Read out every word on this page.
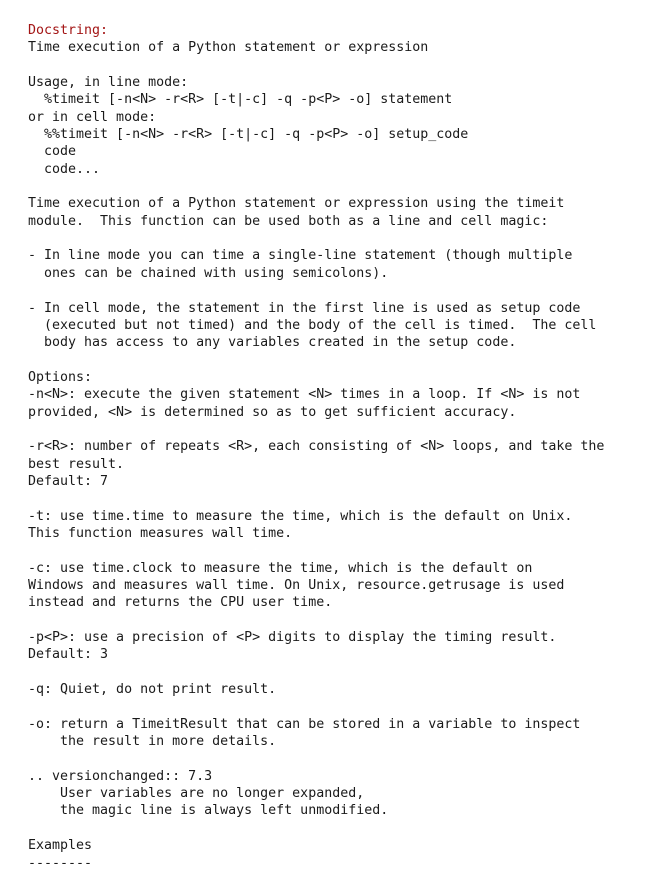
Docstring:
Time execution of a Python statement or expression
Usage, in line mode:
%timeit [-n<N> -r<R> [-t|-c] -q -p<P> -o] statement
or in cell mode:
%%timeit [-n<N> -r<R> [-t|-c] -q -p<P> -o] setup_code
code
code...
Time execution of a Python statement or expression using the timeit
module.  This function can be used both as a line and cell magic:
- In line mode you can time a single-line statement (though multiple
ones can be chained with using semicolons).
- In cell mode, the statement in the first line is used as setup code
(executed but not timed) and the body of the cell is timed.  The cell
body has access to any variables created in the setup code.
Options:
-n<N>: execute the given statement <N> times in a loop. If <N> is not
provided, <N> is determined so as to get sufficient accuracy.
-r<R>: number of repeats <R>, each consisting of <N> loops, and take the
best result.
Default: 7
-t: use time.time to measure the time, which is the default on Unix.
This function measures wall time.
-c: use time.clock to measure the time, which is the default on
Windows and measures wall time. On Unix, resource.getrusage is used
instead and returns the CPU user time.
-p<P>: use a precision of <P> digits to display the timing result.
Default: 3
-q: Quiet, do not print result.
-o: return a TimeitResult that can be stored in a variable to inspect
the result in more details.
.. versionchanged:: 7.3
User variables are no longer expanded,
the magic line is always left unmodified.
Examples
--------
